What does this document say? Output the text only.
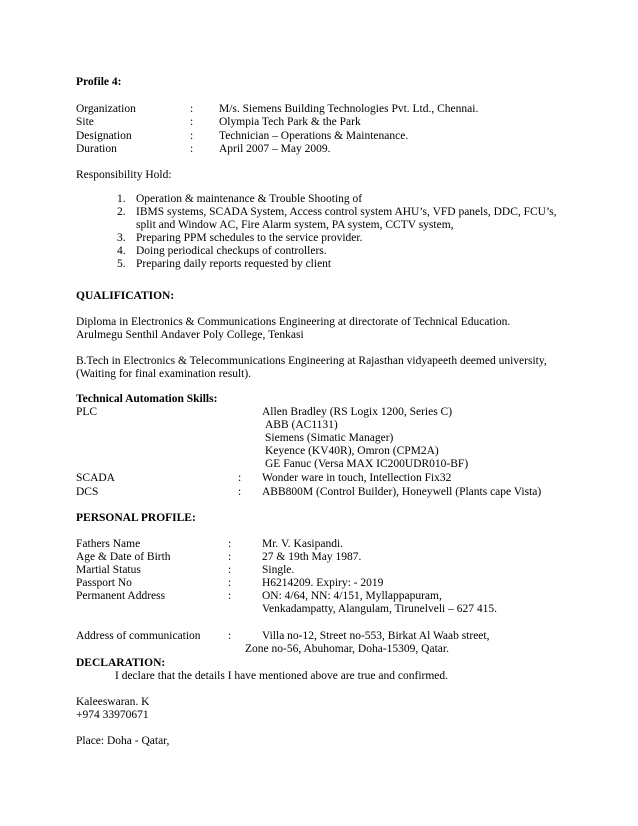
Profile 4:
Organization	: M/s. Siemens Building Technologies Pvt. Ltd., Chennai.
Site	: Olympia Tech Park & the Park
Designation	: Technician – Operations & Maintenance.
Duration	: April 2007 – May 2009.
Responsibility Hold:
1. Operation & maintenance & Trouble Shooting of
2. IBMS systems, SCADA System, Access control system AHU’s, VFD panels, DDC, FCU’s,
split and Window AC, Fire Alarm system, PA system, CCTV system,
3. Preparing PPM schedules to the service provider.
4. Doing periodical checkups of controllers.
5. Preparing daily reports requested by client
QUALIFICATION:
Diploma in Electronics & Communications Engineering at directorate of Technical Education.
Arulmegu Senthil Andaver Poly College, Tenkasi
B.Tech in Electronics & Telecommunications Engineering at Rajasthan vidyapeeth deemed university,
(Waiting for final examination result).
Technical Automation Skills:
PLC	Allen Bradley (RS Logix 1200, Series C)
ABB (AC1131)
Siemens (Simatic Manager)
Keyence (KV40R), Omron (CPM2A)
GE Fanuc (Versa MAX IC200UDR010-BF)
SCADA	: Wonder ware in touch, Intellection Fix32
DCS	: ABB800M (Control Builder), Honeywell (Plants cape Vista)
PERSONAL PROFILE:
Fathers Name	:	Mr. V. Kasipandi.
Age & Date of Birth	:	27 & 19th May 1987.
Martial Status	:	Single.
Passport No	:	H6214209. Expiry: - 2019
Permanent Address	:	ON: 4/64, NN: 4/151, Myllappapuram,
Venkadampatty, Alangulam, Tirunelveli – 627 415.
Address of communication :	Villa no-12, Street no-553, Birkat Al Waab street,
Zone no-56, Abuhomar, Doha-15309, Qatar.
DECLARATION:
I declare that the details I have mentioned above are true and confirmed.
Kaleeswaran. K
+974 33970671
Place: Doha - Qatar,
